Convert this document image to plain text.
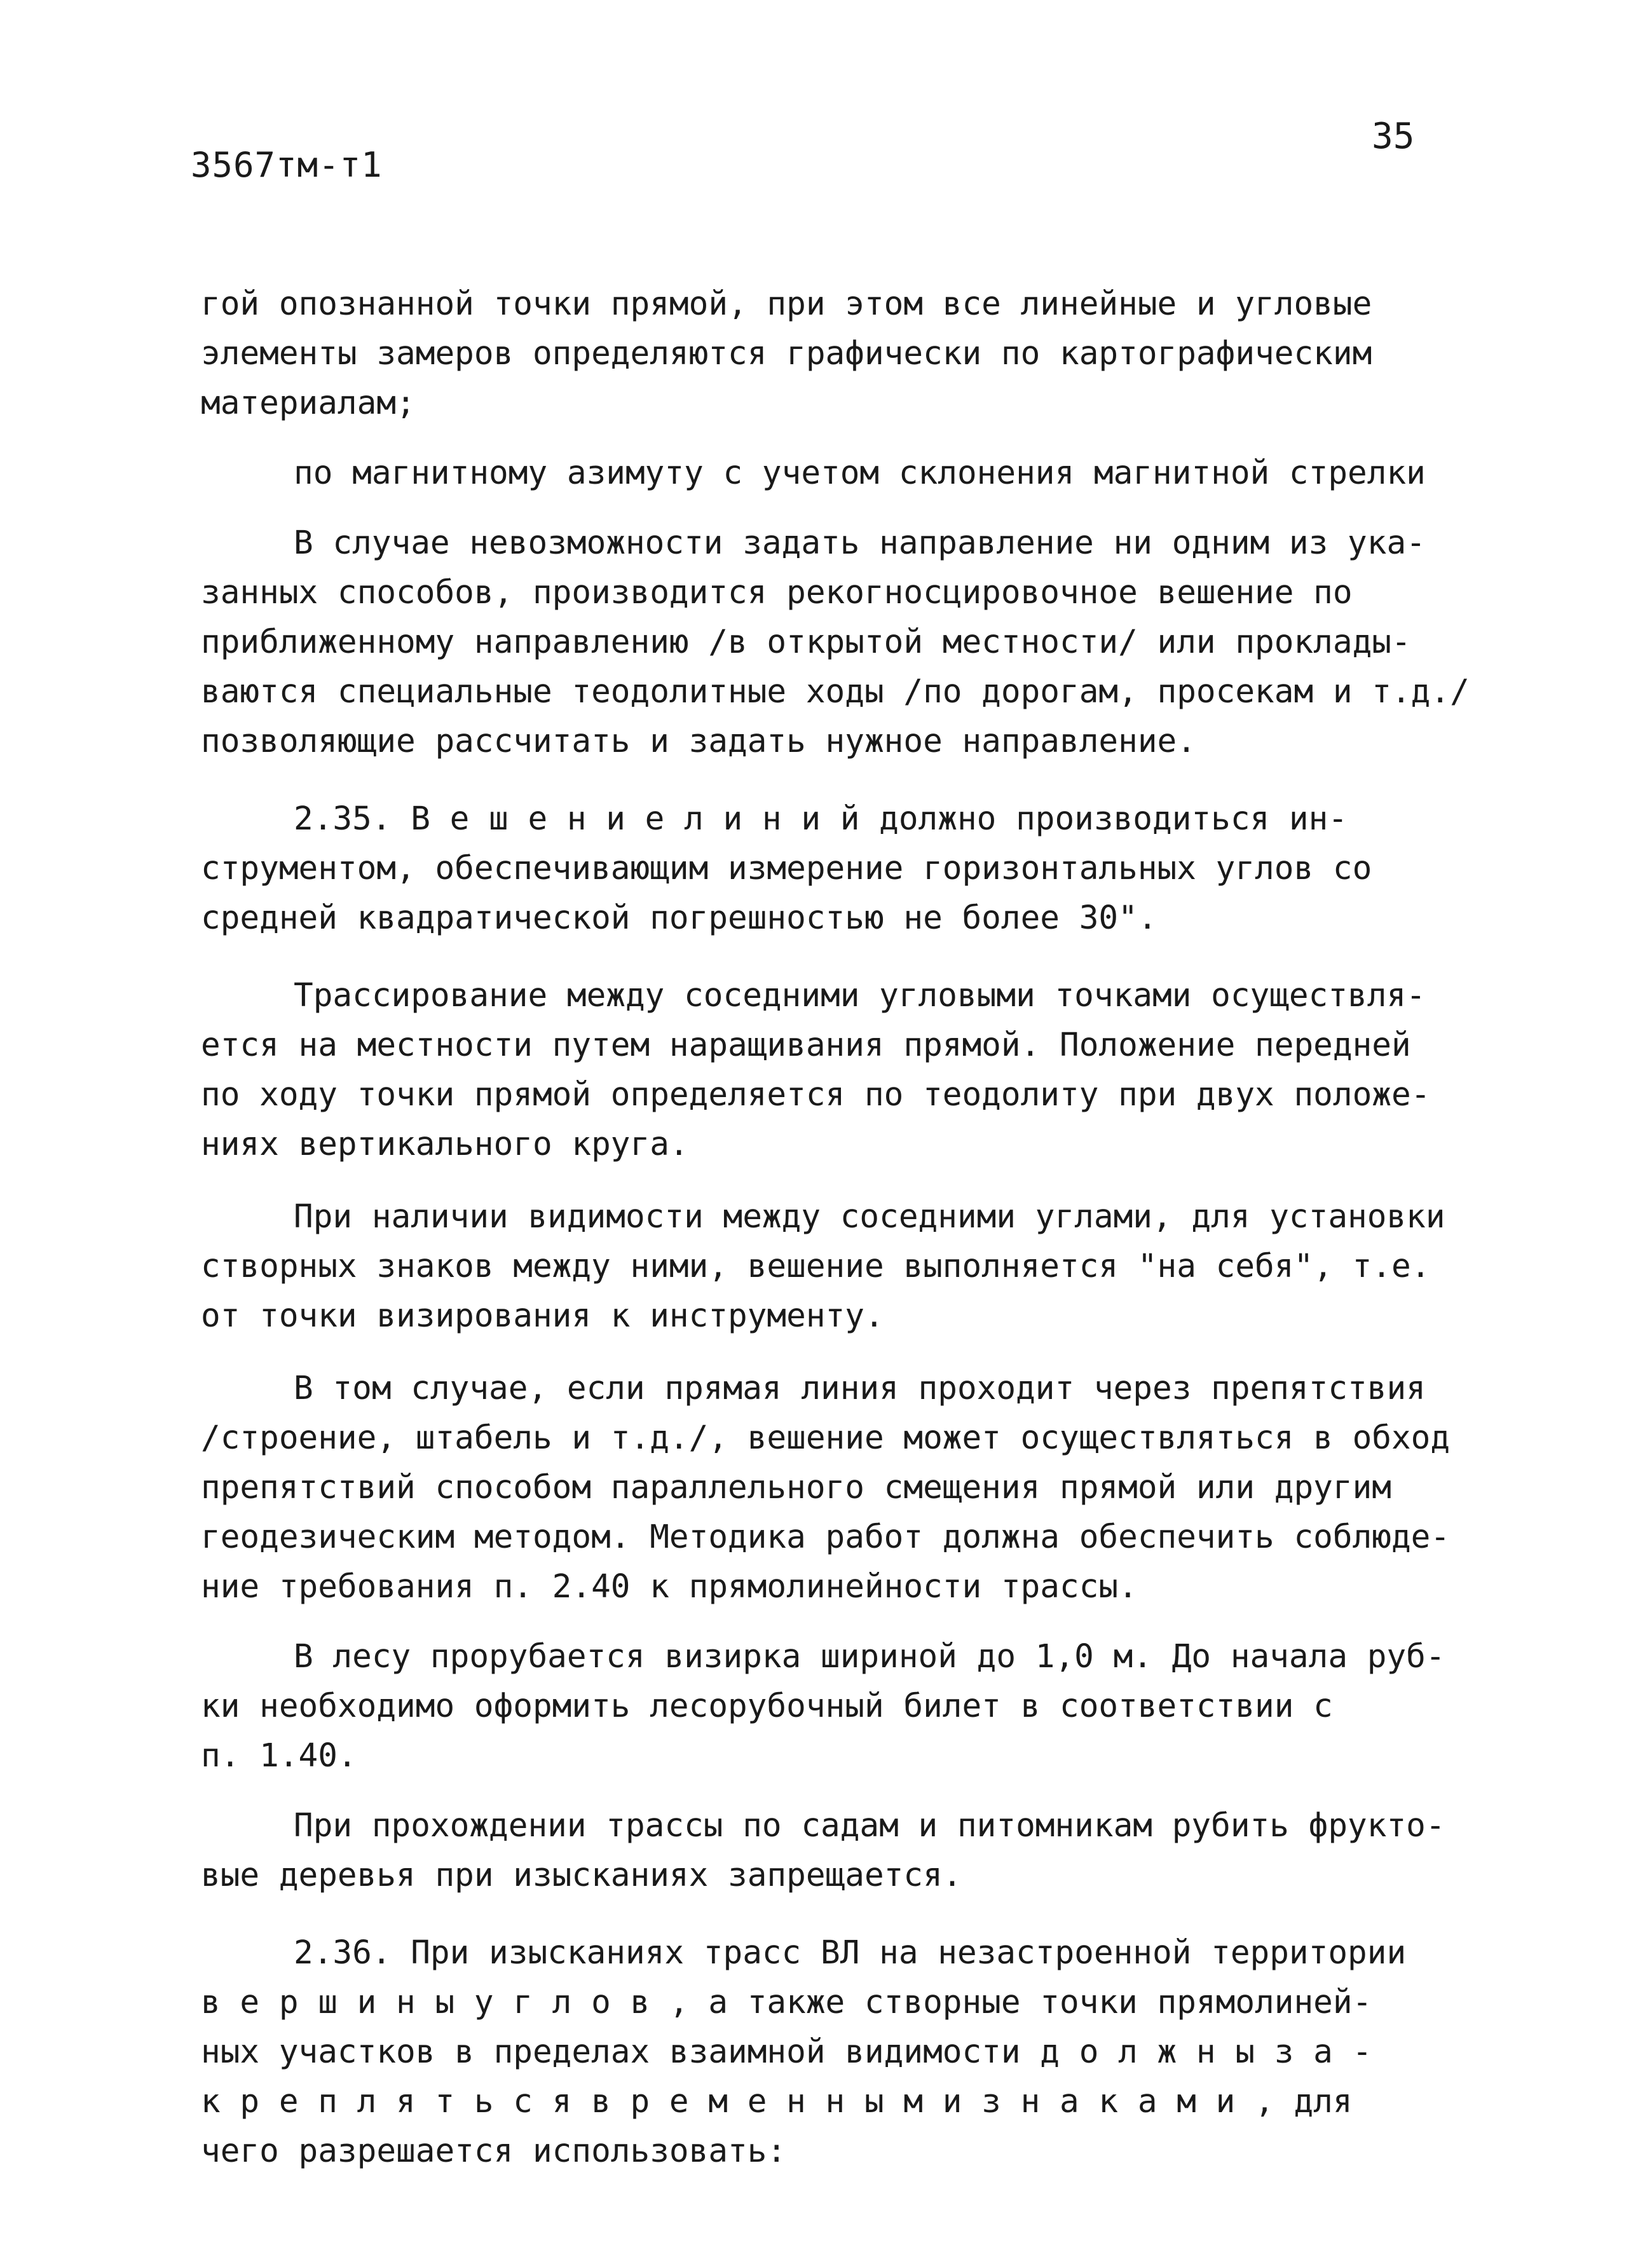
3567тм-т1

35

гой опознанной точки прямой, при этом все линейные и угловые
элементы замеров определяются графически по картографическим
материалам;
по магнитному азимуту с учетом склонения магнитной стрелки
В случае невозможности задать направление ни одним из ука-
занных способов, производится рекогносцировочное вешение по
приближенному направлению /в открытой местности/ или проклады-
ваются специальные теодолитные ходы /по дорогам, просекам и т.д./
позволяющие рассчитать и задать нужное направление.
2.35. В е ш е н и е л и н и й должно производиться ин-
струментом, обеспечивающим измерение горизонтальных углов со
средней квадратической погрешностью не более 30".
Трассирование между соседними угловыми точками осуществля-
ется на местности путем наращивания прямой. Положение передней
по ходу точки прямой определяется по теодолиту при двух положе-
ниях вертикального круга.
При наличии видимости между соседними углами, для установки
створных знаков между ними, вешение выполняется "на себя", т.е.
от точки визирования к инструменту.
В том случае, если прямая линия проходит через препятствия
/строение, штабель и т.д./, вешение может осуществляться в обход
препятствий способом параллельного смещения прямой или другим
геодезическим методом. Методика работ должна обеспечить соблюде-
ние требования п. 2.40 к прямолинейности трассы.
В лесу прорубается визирка шириной до 1,0 м. До начала руб-
ки необходимо оформить лесорубочный билет в соответствии с
п. 1.40.
При прохождении трассы по садам и питомникам рубить фрукто-
вые деревья при изысканиях запрещается.
2.36. При изысканиях трасс ВЛ на незастроенной территории
в е р ш и н ы у г л о в , а также створные точки прямолиней-
ных участков в пределах взаимной видимости д о л ж н ы з а -
к р е п л я т ь с я в р е м е н н ы м и з н а к а м и , для
чего разрешается использовать:
